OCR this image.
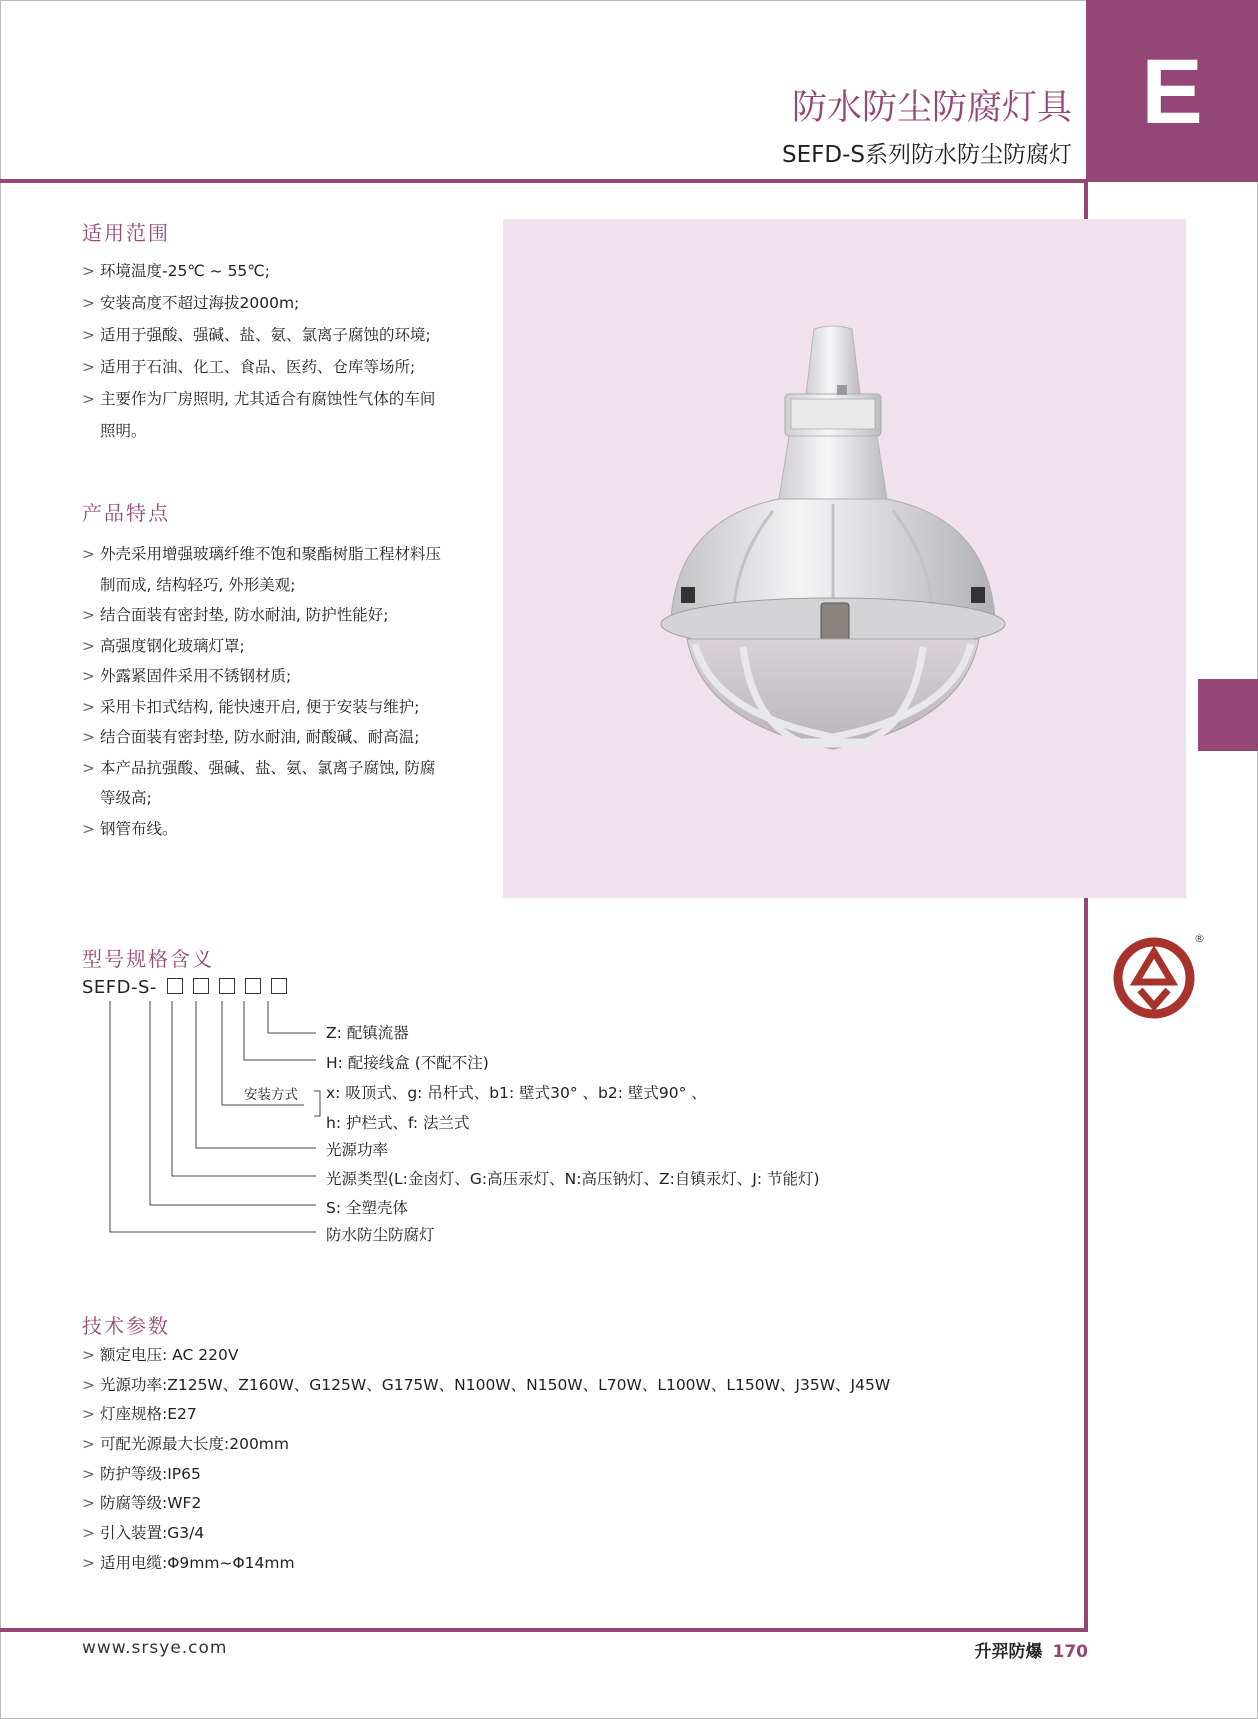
E
防水防尘防腐灯具
SEFD-S系列防水防尘防腐灯
适用范围
> 环境温度-25℃ ~ 55℃;
> 安装高度不超过海拔2000m;
> 适用于强酸、强碱、盐、氨、氯离子腐蚀的环境;
> 适用于石油、化工、食品、医药、仓库等场所;
> 主要作为厂房照明, 尤其适合有腐蚀性气体的车间
照明。
产品特点
> 外壳采用增强玻璃纤维不饱和聚酯树脂工程材料压
制而成, 结构轻巧, 外形美观;
> 结合面装有密封垫, 防水耐油, 防护性能好;
> 高强度钢化玻璃灯罩;
> 外露紧固件采用不锈钢材质;
> 采用卡扣式结构, 能快速开启, 便于安装与维护;
> 结合面装有密封垫, 防水耐油, 耐酸碱、耐高温;
> 本产品抗强酸、强碱、盐、氨、氯离子腐蚀, 防腐
等级高;
> 钢管布线。
型号规格含义
SEFD-S-
Z: 配镇流器
H: 配接线盒 (不配不注)
安装方式 x: 吸顶式、g: 吊杆式、b1: 壁式30° 、b2: 壁式90° 、
h: 护栏式、f: 法兰式
光源功率
光源类型(L:金卤灯、G:高压汞灯、N:高压钠灯、Z:自镇汞灯、J: 节能灯)
S: 全塑壳体
防水防尘防腐灯
技术参数
> 额定电压: AC 220V
> 光源功率:Z125W、Z160W、G125W、G175W、N100W、N150W、L70W、L100W、L150W、J35W、J45W
> 灯座规格:E27
> 可配光源最大长度:200mm
> 防护等级:IP65
> 防腐等级:WF2
> 引入装置:G3/4
> 适用电缆:Φ9mm~Φ14mm
®
www.srsye.com	升羿防爆 170
